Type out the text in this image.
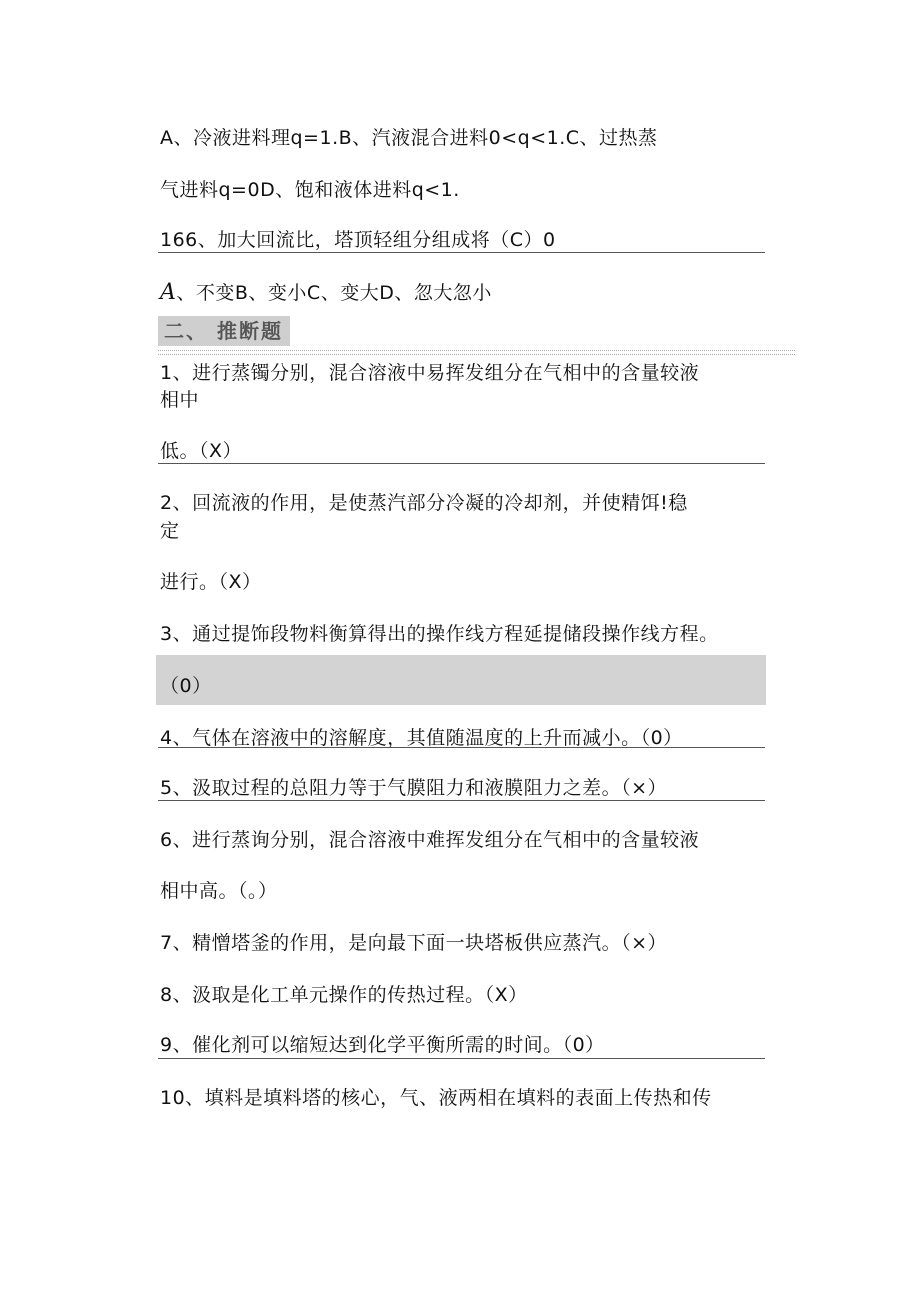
A、冷液进料理q=1.B、汽液混合进料0<q<1.C、过热蒸
气进料q=0D、饱和液体进料q<1.
166、加大回流比，塔顶轻组分组成将（C）0
A、不变B、变小C、变大D、忽大忽小
二、 推断题
1、进行蒸镯分别，混合溶液中易挥发组分在气相中的含量较液
相中
低。（X）
2、回流液的作用，是使蒸汽部分冷凝的冷却剂，并使精饵!稳
定
进行。（X）
3、通过提饰段物料衡算得出的操作线方程延提储段操作线方程。
（0）
4、气体在溶液中的溶解度，其值随温度的上升而减小。（0）
5、汲取过程的总阻力等于气膜阻力和液膜阻力之差。（×）
6、进行蒸询分别，混合溶液中难挥发组分在气相中的含量较液
相中高。（。）
7、精憎塔釜的作用，是向最下面一块塔板供应蒸汽。（×）
8、汲取是化工单元操作的传热过程。（X）
9、催化剂可以缩短达到化学平衡所需的时间。（0）
10、填料是填料塔的核心，气、液两相在填料的表面上传热和传
